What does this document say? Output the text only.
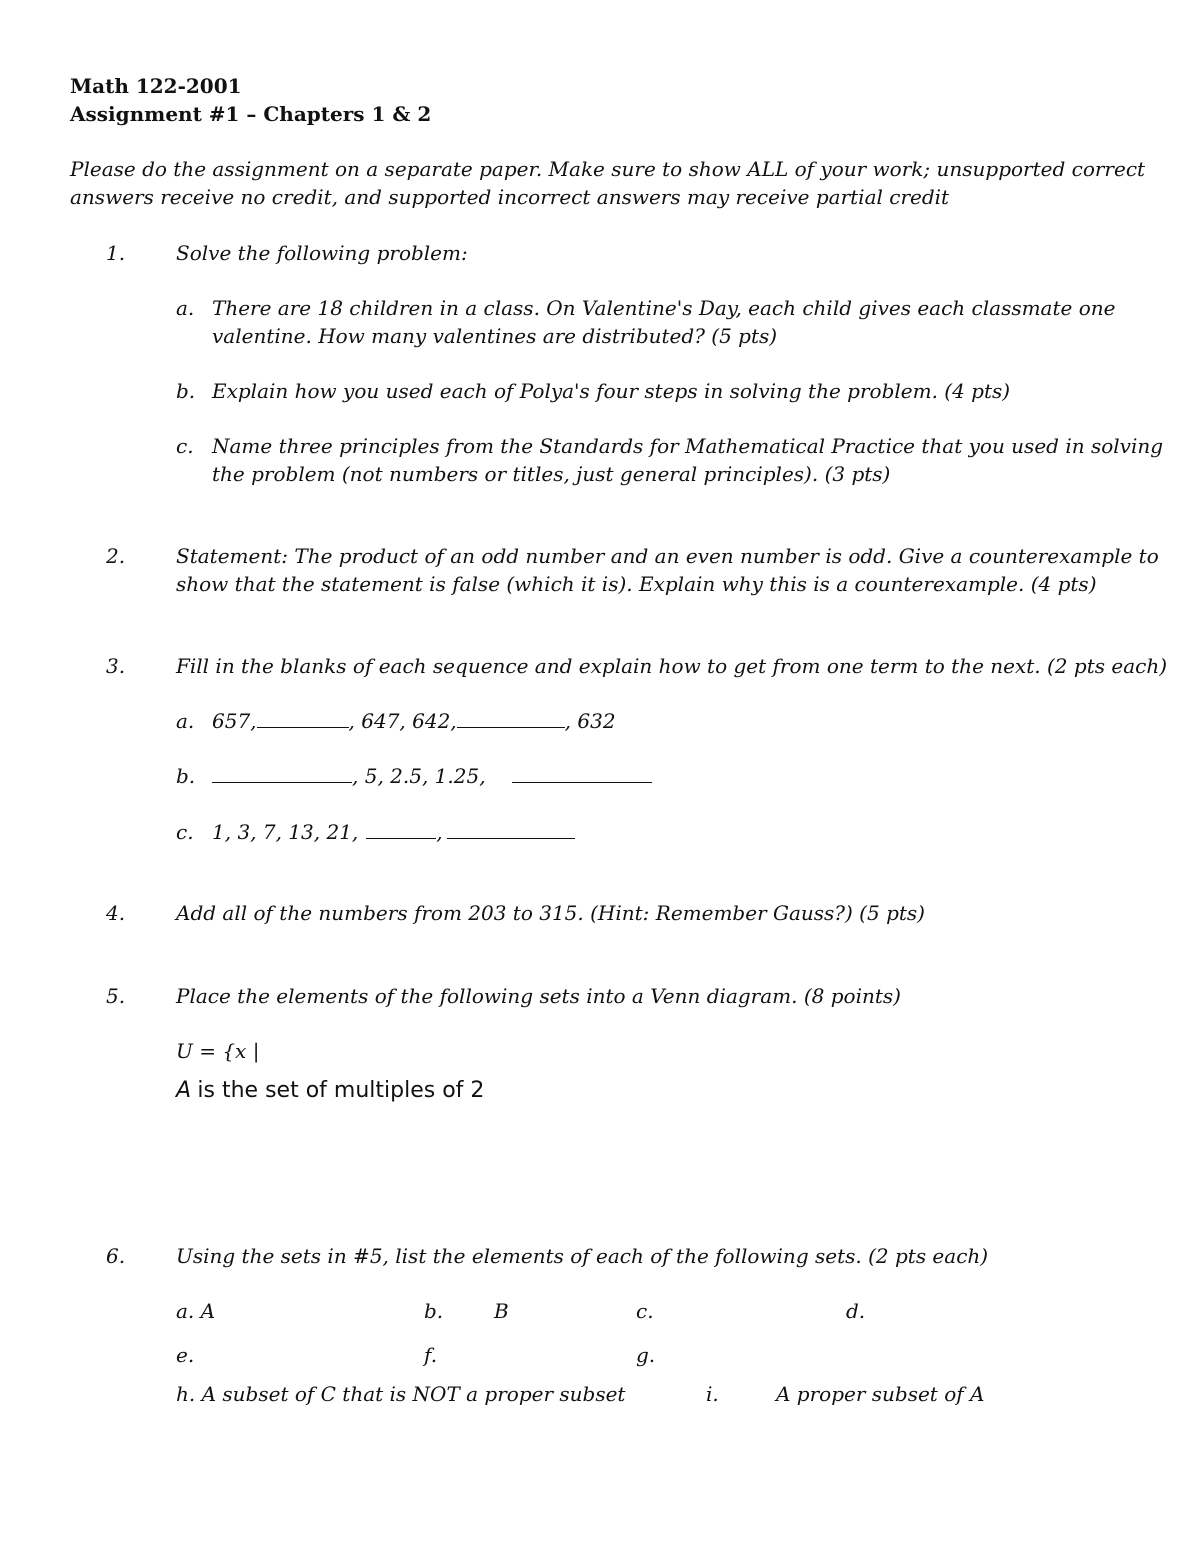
Math 122-2001
Assignment #1 – Chapters 1 & 2
Please do the assignment on a separate paper. Make sure to show ALL of your work; unsupported correct
answers receive no credit, and supported incorrect answers may receive partial credit
1.	Solve the following problem:
a. There are 18 children in a class. On Valentine's Day, each child gives each classmate one
valentine. How many valentines are distributed? (5 pts)
b. Explain how you used each of Polya's four steps in solving the problem. (4 pts)
c. Name three principles from the Standards for Mathematical Practice that you used in solving
the problem (not numbers or titles, just general principles). (3 pts)
2.	Statement: The product of an odd number and an even number is odd. Give a counterexample to
show that the statement is false (which it is). Explain why this is a counterexample. (4 pts)
3.	Fill in the blanks of each sequence and explain how to get from one term to the next. (2 pts each)
a. 657,	, 647, 642,	, 632
b.	, 5, 2.5, 1.25,
c. 1, 3, 7, 13, 21,	,
4.	Add all of the numbers from 203 to 315. (Hint: Remember Gauss?) (5 pts)
5.	Place the elements of the following sets into a Venn diagram. (8 points)
U = {x |
A is the set of multiples of 2
6.	Using the sets in #5, list the elements of each of the following sets. (2 pts each)
a. A	b.	B	c.	d.
e.	f.	g.
h. A subset of C that is NOT a proper subset	i.	A proper subset of A
